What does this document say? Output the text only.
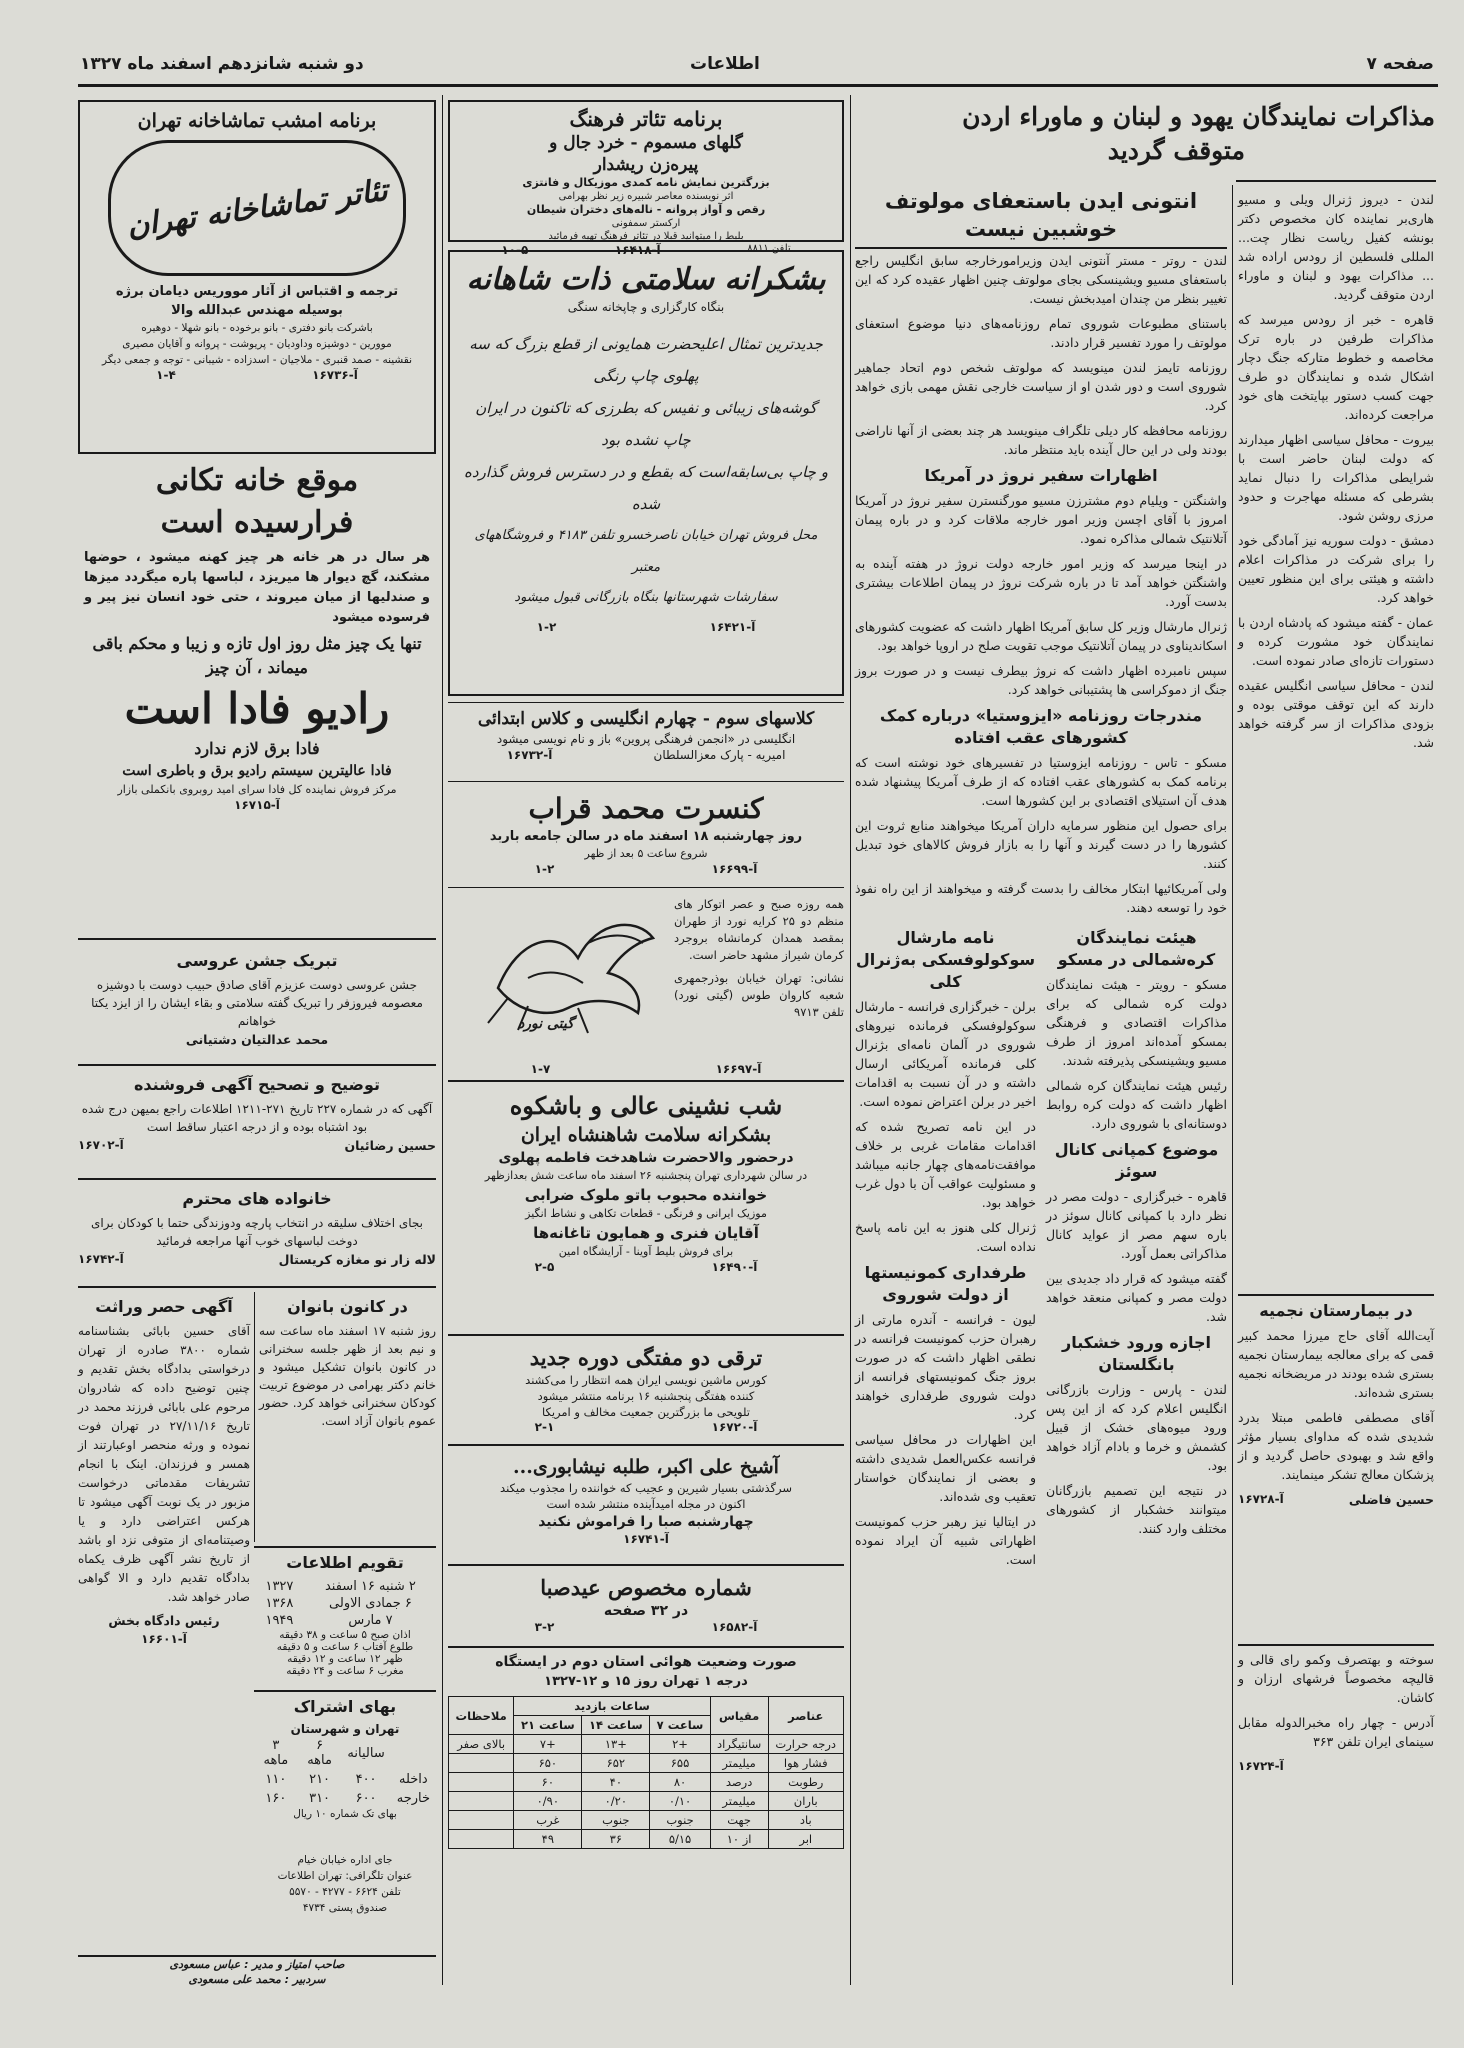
صفحه ۷
اطلاعات
دو شنبه شانزدهم اسفند ماه ۱۳۲۷
مذاکرات نمایندگان یهود و لبنان و ماوراء اردن
متوقف گردید

لندن - دیروز ژنرال ویلی و مسیو هاری‌بر نماینده کان مخصوص دکتر بونشه کفیل ریاست نظار چت... المللی فلسطین از رودس اراده شد ... مذاکرات یهود و لبنان و ماوراء اردن متوقف گردید.

قاهره - خبر از رودس میرسد که مذاکرات طرفین در باره ترک مخاصمه و خطوط متارکه جنگ دچار اشکال شده و نمایندگان دو طرف جهت کسب دستور بپایتخت های خود مراجعت کرده‌اند.

بیروت - محافل سیاسی اظهار میدارند که دولت لبنان حاضر است با شرایطی مذاکرات را دنبال نماید بشرطی که مسئله مهاجرت و حدود مرزی روشن شود.

دمشق - دولت سوریه نیز آمادگی خود را برای شرکت در مذاکرات اعلام داشته و هیئتی برای این منظور تعیین خواهد کرد.

عمان - گفته میشود که پادشاه اردن با نمایندگان خود مشورت کرده و دستورات تازه‌ای صادر نموده است.

لندن - محافل سیاسی انگلیس عقیده دارند که این توقف موقتی بوده و بزودی مذاکرات از سر گرفته خواهد شد.

در بیمارستان نجمیه

آیت‌الله آقای حاج میرزا محمد کبیر قمی که برای معالجه بیمارستان نجمیه بستری شده بودند در مریضخانه نجمیه بستری شده‌اند.

آقای مصطفی فاطمی مبتلا بدرد شدیدی شده که مداوای بسیار مؤثر واقع شد و بهبودی حاصل گردید و از پزشکان معالج تشکر مینمایند.

حسین فاضلی
آ-۱۶۷۲۸

سوخته و بهتصرف وکمو رای قالی و قالیچه مخصوصاً فرشهای ارزان و کاشان.

آدرس - چهار راه مخبرالدوله مقابل سینمای ایران تلفن ۳۶۳

آ-۱۶۷۲۴
انتونی ایدن باستعفای مولوتف خوشبین نیست

لندن - روتر - مستر آنتونی ایدن وزیرامورخارجه سابق انگلیس راجع باستعفای مسیو ویشینسکی بجای مولوتف چنین اظهار عقیده کرد که این تغییر بنظر من چندان امیدبخش نیست.

باستنای مطبوعات شوروی تمام روزنامه‌های دنیا موضوع استعفای مولوتف را مورد تفسیر قرار دادند.

روزنامه تایمز لندن مینویسد که مولوتف شخص دوم اتحاد جماهیر شوروی است و دور شدن او از سیاست خارجی نقش مهمی بازی خواهد کرد.

روزنامه محافظه کار دیلی تلگراف مینویسد هر چند بعضی از آنها ناراضی بودند ولی در این حال آینده باید منتظر ماند.

اظهارات سفیر نروژ در آمریکا

واشنگتن - ویلیام دوم مشترزن مسیو مورگنسترن سفیر نروژ در آمریکا امروز با آقای اچسن وزیر امور خارجه ملاقات کرد و در باره پیمان آتلانتیک شمالی مذاکره نمود.

در اینجا میرسد که وزیر امور خارجه دولت نروژ در هفته آینده به واشنگتن خواهد آمد تا در باره شرکت نروژ در پیمان اطلاعات بیشتری بدست آورد.

ژنرال مارشال وزیر کل سابق آمریکا اظهار داشت که عضویت کشورهای اسکاندیناوی در پیمان آتلانتیک موجب تقویت صلح در اروپا خواهد بود.

سپس نامبرده اظهار داشت که نروژ بیطرف نیست و در صورت بروز جنگ از دموکراسی ها پشتیبانی خواهد کرد.

مندرجات روزنامه «ایزوستیا» درباره کمک کشورهای عقب افتاده

مسکو - تاس - روزنامه ایزوستیا در تفسیرهای خود نوشته است که برنامه کمک به کشورهای عقب افتاده که از طرف آمریکا پیشنهاد شده هدف آن استیلای اقتصادی بر این کشورها است.

برای حصول این منظور سرمایه داران آمریکا میخواهند منابع ثروت این کشورها را در دست گیرند و آنها را به بازار فروش کالاهای خود تبدیل کنند.

ولی آمریکائیها ابتکار مخالف را بدست گرفته و میخواهند از این راه نفوذ خود را توسعه دهند.

هیئت نمایندگان کره‌شمالی در مسکو

مسکو - رویتر - هیئت نمایندگان دولت کره شمالی که برای مذاکرات اقتصادی و فرهنگی بمسکو آمده‌اند امروز از طرف مسیو ویشینسکی پذیرفته شدند.

رئیس هیئت نمایندگان کره شمالی اظهار داشت که دولت کره روابط دوستانه‌ای با شوروی دارد.

موضوع کمپانی کانال سوئز

قاهره - خبرگزاری - دولت مصر در نظر دارد با کمپانی کانال سوئز در باره سهم مصر از عواید کانال مذاکراتی بعمل آورد.

گفته میشود که قرار داد جدیدی بین دولت مصر و کمپانی منعقد خواهد شد.

اجازه ورود خشکبار بانگلستان

لندن - پارس - وزارت بازرگانی انگلیس اعلام کرد که از این پس ورود میوه‌های خشک از قبیل کشمش و خرما و بادام آزاد خواهد بود.

در نتیجه این تصمیم بازرگانان میتوانند خشکبار از کشورهای مختلف وارد کنند.

نامه مارشال سوکولوفسکی به‌ژنرال کلی

برلن - خبرگزاری فرانسه - مارشال سوکولوفسکی فرمانده نیروهای شوروی در آلمان نامه‌ای بژنرال کلی فرمانده آمریکائی ارسال داشته و در آن نسبت به اقدامات اخیر در برلن اعتراض نموده است.

در این نامه تصریح شده که اقدامات مقامات غربی بر خلاف موافقت‌نامه‌های چهار جانبه میباشد و مسئولیت عواقب آن با دول غرب خواهد بود.

ژنرال کلی هنوز به این نامه پاسخ نداده است.

طرفداری کمونیستها از دولت شوروی

لیون - فرانسه - آندره مارتی از رهبران حزب کمونیست فرانسه در نطقی اظهار داشت که در صورت بروز جنگ کمونیستهای فرانسه از دولت شوروی طرفداری خواهند کرد.

این اظهارات در محافل سیاسی فرانسه عکس‌العمل شدیدی داشته و بعضی از نمایندگان خواستار تعقیب وی شده‌اند.

در ایتالیا نیز رهبر حزب کمونیست اظهاراتی شبیه آن ایراد نموده است.

برنامه تئاتر فرهنگ
گلهای مسموم - خرد جال و
پیره‌زن ریشدار
بزرگترین نمایش نامه کمدی موزیکال و فانتزی
اثر نویسنده معاصر شبیره زیر نظر بهرامی
رقص و آواز پروانه - ناله‌های دختران شیطان
ارکستر سمفونی
بلیط را میتوانید قبلا در تئاتر فرهنگ تهیه فرمائید
تلفن ۸۸۱۱
آ-۱۶۴۱۸
۱۰-۵
بشکرانه سلامتی ذات شاهانه
بنگاه کارگزاری و چاپخانه سنگی
جدیدترین تمثال اعلیحضرت همایونی از قطع بزرگ که سه پهلوی چاپ رنگی
گوشه‌های زیبائی و نفیس که بطرزی که تاکنون در ایران چاپ نشده بود
و چاپ بی‌سابقه‌است که بقطع و در دسترس فروش گذارده شده
محل فروش تهران خیابان ناصرخسرو تلفن ۴۱۸۳ و فروشگاههای معتبر
سفارشات شهرستانها بنگاه بازرگانی قبول میشود
آ-۱۶۴۲۱
۱-۲
کلاسهای سوم - چهارم انگلیسی و کلاس ابتدائی
انگلیسی در «انجمن فرهنگی پروین» باز و نام نویسی میشود
امیریه - پارک معزالسلطان
آ-۱۶۷۳۲
کنسرت محمد قراب
روز چهارشنبه ۱۸ اسفند ماه در سالن جامعه باربد
شروع ساعت ۵ بعد از ظهر
آ-۱۶۶۹۹
۱-۲

همه روزه صبح و عصر اتوکار های منظم دو ۲۵ کرایه نورد از طهران بمقصد همدان کرمانشاه بروجرد کرمان شیراز مشهد حاضر است.

نشانی: تهران خیابان بوذرجمهری شعبه کاروان طوس (گیتی نورد) تلفن ۹۷۱۳

گیتی نورد
۱-۷	آ-۱۶۶۹۷
شب نشینی عالی و باشکوه
بشکرانه سلامت شاهنشاه ایران
درحضور والاحضرت شاهدخت فاطمه پهلوی
در سالن شهرداری تهران پنجشنبه ۲۶ اسفند ماه ساعت شش بعدازظهر
خواننده محبوب باتو ملوک ضرابی
موزیک ایرانی و فرنگی - قطعات تکاهی و نشاط انگیز
آقایان فنری و همایون تاغانه‌ها
برای فروش بلیط آوینا - آرایشگاه امین
آ-۱۶۴۹۰
۲-۵
ترقی دو مفتگی دوره جدید
کورس ماشین نویسی ایران همه انتظار را می‌کشند
کننده هفتگی پنجشنبه ۱۶ برنامه منتشر میشود
تلویحی ما بزرگترین جمعیت مخالف و امریکا
آ-۱۶۷۲۰
۲-۱
آشیخ علی اکبر، طلبه نیشابوری...
سرگذشتی بسیار شیرین و عجیب که خواننده را مجذوب میکند
اکنون در مجله امیدآینده منتشر شده است
چهارشنبه صبا را فراموش نکنید
آ-۱۶۷۴۱
شماره مخصوص عیدصبا
در ۳۲ صفحه
آ-۱۶۵۸۲
۳-۲
صورت وضعیت هوائی استان دوم در ایستگاه
درجه ۱ تهران روز ۱۵ و ۱۲-۱۳۲۷
عناصر	مقیاس	ساعات بازدید			ملاحظات
		ساعت ۷	ساعت ۱۴	ساعت ۲۱	
درجه حرارت	سانتیگراد	+۲	+۱۳	+۷	بالای صفر
فشار هوا	میلیمتر	۶۵۵	۶۵۲	۶۵۰	
رطوبت	درصد	۸۰	۴۰	۶۰	
باران	میلیمتر	۰/۱۰	۰/۲۰	۰/۹۰	
باد	جهت	جنوب	جنوب	غرب	
ابر	از ۱۰	۵/۱۵	۳۶	۴۹	
برنامه امشب تماشاخانه تهران
تئاتر تماشاخانه تهران
ترجمه و اقتباس از آثار مووریس دیامان برژه
بوسیله مهندس عبدالله والا
باشرکت بانو دفتری - بانو برخوده - بانو شهلا - دوهیره
موورین - دوشیزه وداودیان - پریوشت - پروانه و آقایان مصیری
نقشینه - صمد قنبری - ملاجیان - اسدزاده - شیبانی - توجه و جمعی دیگر
آ-۱۶۷۳۶
۱-۴
موقع خانه تکانی
فرارسیده است
هر سال در هر خانه هر چیز کهنه میشود ، حوضها مشکند، گچ دیوار ها میریزد ، لباسها پاره میگردد میزها و صندلیها از میان میروند ، حتی خود انسان نیز پیر و فرسوده میشود
تنها یک چیز مثل روز اول تازه و زیبا و محکم باقی میماند ، آن چیز
رادیو فادا است
فادا برق لازم ندارد
فادا عالیترین سیستم رادیو برق و باطری است
مرکز فروش نماینده کل فادا سرای امید روبروی بانکملی بازار
آ-۱۶۷۱۵
تبریک جشن عروسی
جشن عروسی دوست عزیزم آقای صادق حبیب دوست با دوشیزه معصومه فیروزفر را تبریک گفته سلامتی و بقاء ایشان را از ایزد یکتا خواهانم
محمد عدالتیان دشتیانی
توضیح و تصحیح آگهی فروشنده
آگهی که در شماره ۲۲۷ تاریخ ۲۷۱-۱۲۱۱ اطلاعات راجع بمیهن درج شده بود اشتباه بوده و از درجه اعتبار ساقط است
حسین رضائیان
آ-۱۶۷۰۲
خانواده های محترم
بجای اختلاف سلیقه در انتخاب پارچه ودوزندگی حتما با کودکان برای دوخت لباسهای خوب آنها مراجعه فرمائید
لاله زار نو مغازه کریستال
آ-۱۶۷۴۲
در کانون بانوان
روز شنبه ۱۷ اسفند ماه ساعت سه و نیم بعد از ظهر جلسه سخنرانی در کانون بانوان تشکیل میشود و خانم دکتر بهرامی در موضوع تربیت کودکان سخنرانی خواهد کرد. حضور عموم بانوان آزاد است.
آگهی حصر وراثت
آقای حسین بابائی بشناسنامه شماره ۳۸۰۰ صادره از تهران درخواستی بدادگاه بخش تقدیم و چنین توضیح داده که شادروان مرحوم علی بابائی فرزند محمد در تاریخ ۲۷/۱۱/۱۶ در تهران فوت نموده و ورثه منحصر اوعبارتند از همسر و فرزندان. اینک با انجام تشریفات مقدماتی درخواست مزبور در یک نوبت آگهی میشود تا هرکس اعتراضی دارد و یا وصیتنامه‌ای از متوفی نزد او باشد از تاریخ نشر آگهی ظرف یکماه بدادگاه تقدیم دارد و الا گواهی صادر خواهد شد.
رئیس دادگاه بخش
آ-۱۶۶۰۱
تقویم اطلاعات
۲ شنبه ۱۶ اسفند	۱۳۲۷
۶ جمادی الاولی	۱۳۶۸
۷ مارس	۱۹۴۹
اذان صبح ۵ ساعت و ۳۸ دقیقه
طلوع آفتاب ۶ ساعت و ۵ دقیقه
ظهر ۱۲ ساعت و ۱۲ دقیقه
مغرب ۶ ساعت و ۲۴ دقیقه
بهای اشتراک
تهران و شهرستان
	سالیانه	۶ ماهه	۳ ماهه
داخله	۴۰۰	۲۱۰	۱۱۰
خارجه	۶۰۰	۳۱۰	۱۶۰
بهای تک شماره ۱۰ ریال
جای اداره خیابان خیام
عنوان تلگرافی: تهران اطلاعات
تلفن ۶۶۲۴ - ۴۲۷۷ - ۵۵۷۰
صندوق پستی ۴۷۳۴
صاحب امتیاز و مدیر : عباس مسعودی
سردبیر : محمد علی مسعودی
